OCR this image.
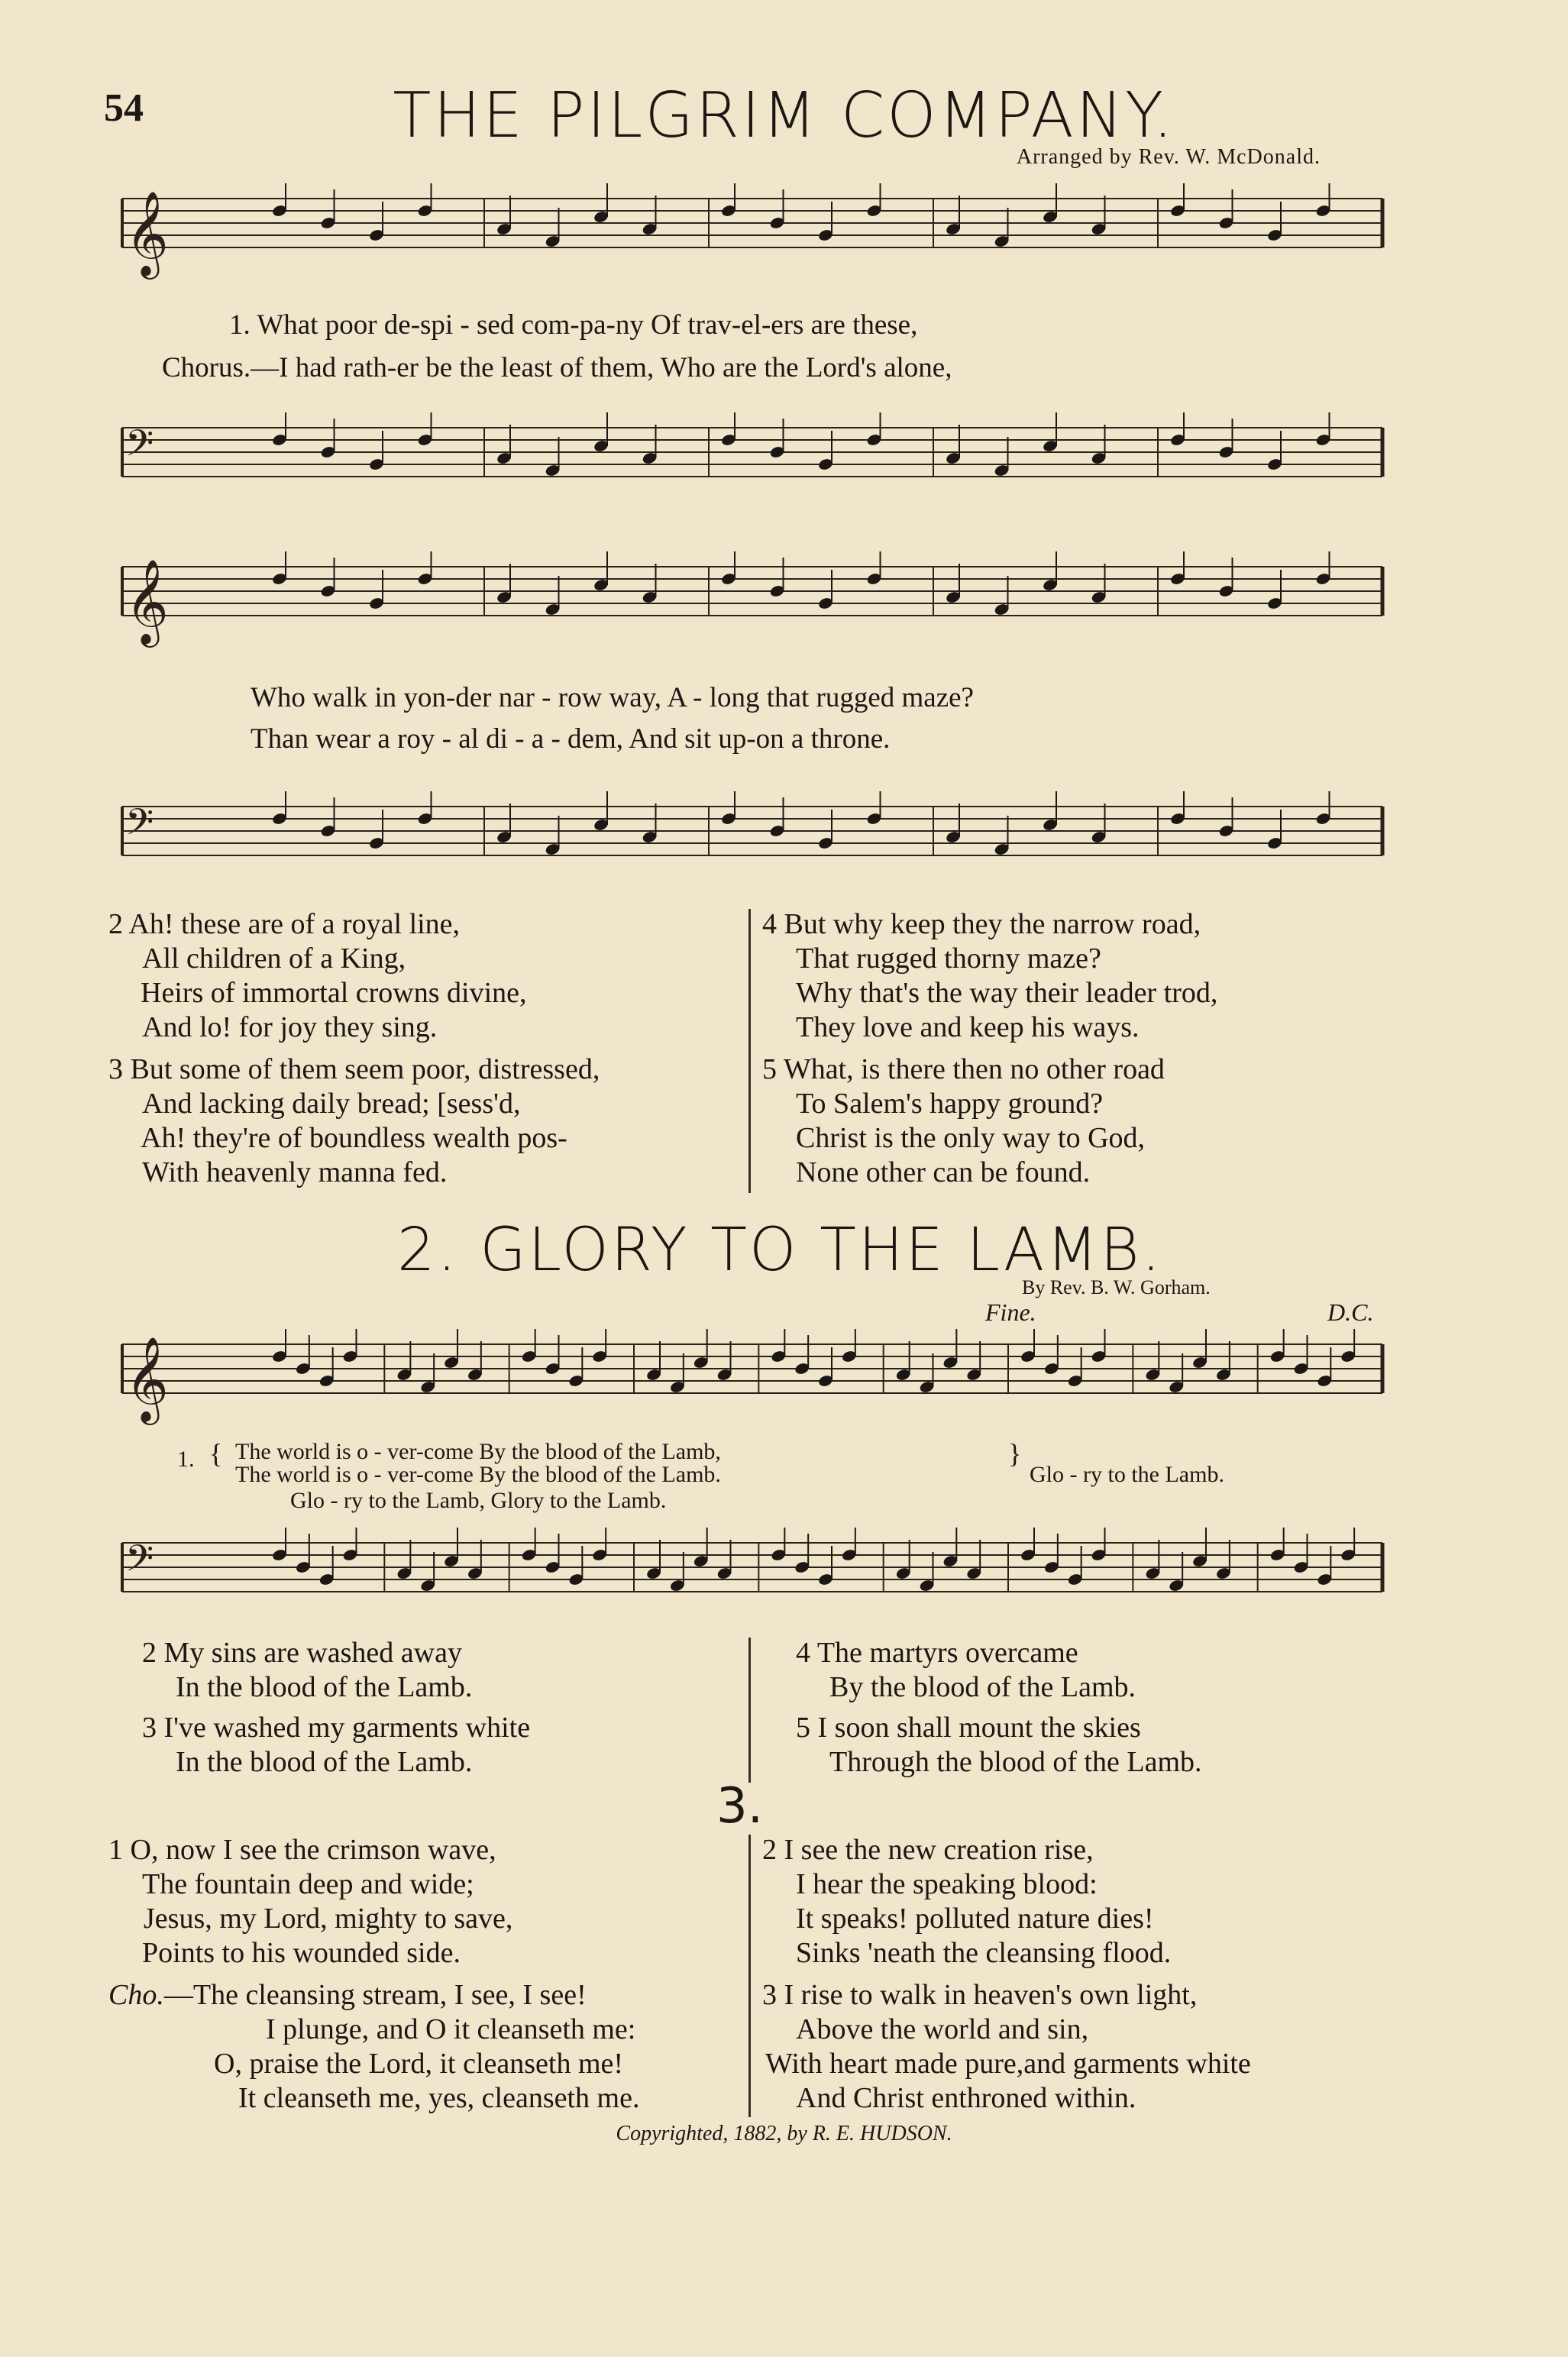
54	THE PILGRIM COMPANY.
Arranged by Rev. W. McDonald.
𝄞
1. What poor de-spi - sed com-pa-ny Of trav-el-ers are these,
Chorus.—I had rath-er be the least of them, Who are the Lord's alone,
𝄢
𝄞
Who walk in yon-der nar - row way, A - long that rugged maze?
Than wear a roy - al di - a - dem, And sit up-on a throne.
𝄢
2 Ah! these are of a royal line,
All children of a King,
Heirs of immortal crowns divine,
And lo! for joy they sing.
3 But some of them seem poor, distressed,
And lacking daily bread; [sess'd,
Ah! they're of boundless wealth pos-
With heavenly manna fed.
4 But why keep they the narrow road,
That rugged thorny maze?
Why that's the way their leader trod,
They love and keep his ways.
5 What, is there then no other road
To Salem's happy ground?
Christ is the only way to God,
None other can be found.
2. GLORY TO THE LAMB.
By Rev. B. W. Gorham.
Fine.	D.C.
𝄞
1. { The world is o - ver-come By the blood of the Lamb,
The world is o - ver-come By the blood of the Lamb.
}
Glo - ry to the Lamb.
Glo - ry to the Lamb, Glory to the Lamb.
𝄢
2 My sins are washed away
In the blood of the Lamb.
3 I've washed my garments white
In the blood of the Lamb.
4 The martyrs overcame
By the blood of the Lamb.
5 I soon shall mount the skies
Through the blood of the Lamb.
3.
1 O, now I see the crimson wave,
The fountain deep and wide;
Jesus, my Lord, mighty to save,
Points to his wounded side.
Cho.—The cleansing stream, I see, I see!
I plunge, and O it cleanseth me:
O, praise the Lord, it cleanseth me!
It cleanseth me, yes, cleanseth me.
2 I see the new creation rise,
I hear the speaking blood:
It speaks! polluted nature dies!
Sinks 'neath the cleansing flood.
3 I rise to walk in heaven's own light,
Above the world and sin,
With heart made pure,and garments white
And Christ enthroned within.
Copyrighted, 1882, by R. E. HUDSON.
